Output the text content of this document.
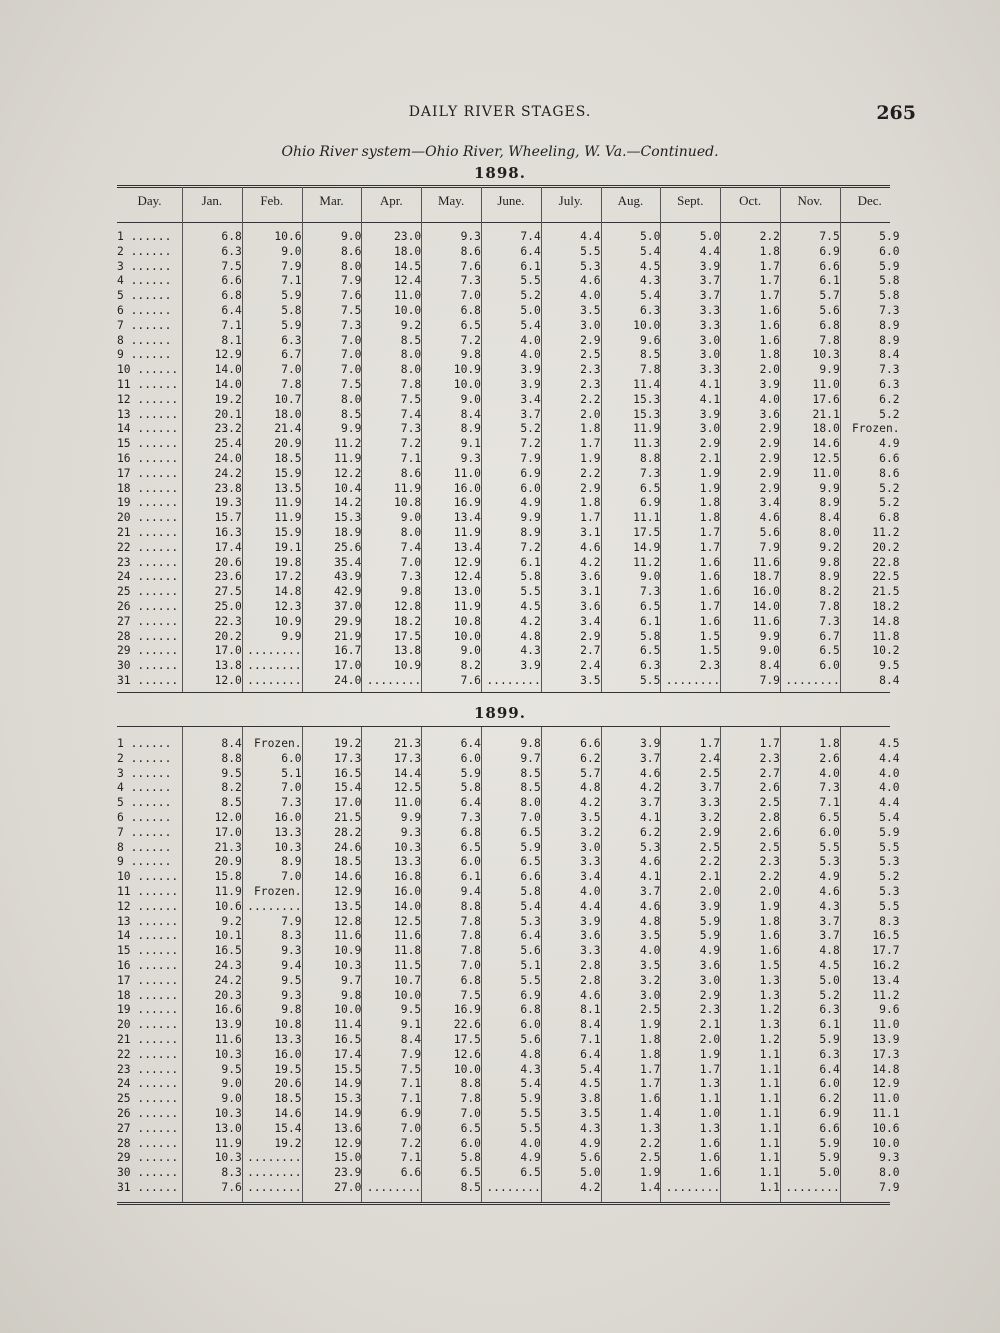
DAILY RIVER STAGES.	265
Ohio River system—Ohio River, Wheeling, W. Va.—Continued.
1898.
1899.
Day.	Jan.	Feb.	Mar.	Apr.	May.	June.	July.	Aug.	Sept.	Oct.	Nov.	Dec.
1 ......	6.8	10.6	9.0	23.0	9.3	7.4	4.4	5.0	5.0	2.2	7.5	5.9
2 ......	6.3	9.0	8.6	18.0	8.6	6.4	5.5	5.4	4.4	1.8	6.9	6.0
3 ......	7.5	7.9	8.0	14.5	7.6	6.1	5.3	4.5	3.9	1.7	6.6	5.9
4 ......	6.6	7.1	7.9	12.4	7.3	5.5	4.6	4.3	3.7	1.7	6.1	5.8
5 ......	6.8	5.9	7.6	11.0	7.0	5.2	4.0	5.4	3.7	1.7	5.7	5.8
6 ......	6.4	5.8	7.5	10.0	6.8	5.0	3.5	6.3	3.3	1.6	5.6	7.3
7 ......	7.1	5.9	7.3	9.2	6.5	5.4	3.0	10.0	3.3	1.6	6.8	8.9
8 ......	8.1	6.3	7.0	8.5	7.2	4.0	2.9	9.6	3.0	1.6	7.8	8.9
9 ......	12.9	6.7	7.0	8.0	9.8	4.0	2.5	8.5	3.0	1.8	10.3	8.4
10 ......	14.0	7.0	7.0	8.0	10.9	3.9	2.3	7.8	3.3	2.0	9.9	7.3
11 ......	14.0	7.8	7.5	7.8	10.0	3.9	2.3	11.4	4.1	3.9	11.0	6.3
12 ......	19.2	10.7	8.0	7.5	9.0	3.4	2.2	15.3	4.1	4.0	17.6	6.2
13 ......	20.1	18.0	8.5	7.4	8.4	3.7	2.0	15.3	3.9	3.6	21.1	5.2
14 ......	23.2	21.4	9.9	7.3	8.9	5.2	1.8	11.9	3.0	2.9	18.0	Frozen.
15 ......	25.4	20.9	11.2	7.2	9.1	7.2	1.7	11.3	2.9	2.9	14.6	4.9
16 ......	24.0	18.5	11.9	7.1	9.3	7.9	1.9	8.8	2.1	2.9	12.5	6.6
17 ......	24.2	15.9	12.2	8.6	11.0	6.9	2.2	7.3	1.9	2.9	11.0	8.6
18 ......	23.8	13.5	10.4	11.9	16.0	6.0	2.9	6.5	1.9	2.9	9.9	5.2
19 ......	19.3	11.9	14.2	10.8	16.9	4.9	1.8	6.9	1.8	3.4	8.9	5.2
20 ......	15.7	11.9	15.3	9.0	13.4	9.9	1.7	11.1	1.8	4.6	8.4	6.8
21 ......	16.3	15.9	18.9	8.0	11.9	8.9	3.1	17.5	1.7	5.6	8.0	11.2
22 ......	17.4	19.1	25.6	7.4	13.4	7.2	4.6	14.9	1.7	7.9	9.2	20.2
23 ......	20.6	19.8	35.4	7.0	12.9	6.1	4.2	11.2	1.6	11.6	9.8	22.8
24 ......	23.6	17.2	43.9	7.3	12.4	5.8	3.6	9.0	1.6	18.7	8.9	22.5
25 ......	27.5	14.8	42.9	9.8	13.0	5.5	3.1	7.3	1.6	16.0	8.2	21.5
26 ......	25.0	12.3	37.0	12.8	11.9	4.5	3.6	6.5	1.7	14.0	7.8	18.2
27 ......	22.3	10.9	29.9	18.2	10.8	4.2	3.4	6.1	1.6	11.6	7.3	14.8
28 ......	20.2	9.9	21.9	17.5	10.0	4.8	2.9	5.8	1.5	9.9	6.7	11.8
29 ......	17.0	........	16.7	13.8	9.0	4.3	2.7	6.5	1.5	9.0	6.5	10.2
30 ......	13.8	........	17.0	10.9	8.2	3.9	2.4	6.3	2.3	8.4	6.0	9.5
31 ......	12.0	........	24.0	........	7.6	........	3.5	5.5	........	7.9	........	8.4
1 ......	8.4	Frozen.	19.2	21.3	6.4	9.8	6.6	3.9	1.7	1.7	1.8	4.5
2 ......	8.8	6.0	17.3	17.3	6.0	9.7	6.2	3.7	2.4	2.3	2.6	4.4
3 ......	9.5	5.1	16.5	14.4	5.9	8.5	5.7	4.6	2.5	2.7	4.0	4.0
4 ......	8.2	7.0	15.4	12.5	5.8	8.5	4.8	4.2	3.7	2.6	7.3	4.0
5 ......	8.5	7.3	17.0	11.0	6.4	8.0	4.2	3.7	3.3	2.5	7.1	4.4
6 ......	12.0	16.0	21.5	9.9	7.3	7.0	3.5	4.1	3.2	2.8	6.5	5.4
7 ......	17.0	13.3	28.2	9.3	6.8	6.5	3.2	6.2	2.9	2.6	6.0	5.9
8 ......	21.3	10.3	24.6	10.3	6.5	5.9	3.0	5.3	2.5	2.5	5.5	5.5
9 ......	20.9	8.9	18.5	13.3	6.0	6.5	3.3	4.6	2.2	2.3	5.3	5.3
10 ......	15.8	7.0	14.6	16.8	6.1	6.6	3.4	4.1	2.1	2.2	4.9	5.2
11 ......	11.9	Frozen.	12.9	16.0	9.4	5.8	4.0	3.7	2.0	2.0	4.6	5.3
12 ......	10.6	........	13.5	14.0	8.8	5.4	4.4	4.6	3.9	1.9	4.3	5.5
13 ......	9.2	7.9	12.8	12.5	7.8	5.3	3.9	4.8	5.9	1.8	3.7	8.3
14 ......	10.1	8.3	11.6	11.6	7.8	6.4	3.6	3.5	5.9	1.6	3.7	16.5
15 ......	16.5	9.3	10.9	11.8	7.8	5.6	3.3	4.0	4.9	1.6	4.8	17.7
16 ......	24.3	9.4	10.3	11.5	7.0	5.1	2.8	3.5	3.6	1.5	4.5	16.2
17 ......	24.2	9.5	9.7	10.7	6.8	5.5	2.8	3.2	3.0	1.3	5.0	13.4
18 ......	20.3	9.3	9.8	10.0	7.5	6.9	4.6	3.0	2.9	1.3	5.2	11.2
19 ......	16.6	9.8	10.0	9.5	16.9	6.8	8.1	2.5	2.3	1.2	6.3	9.6
20 ......	13.9	10.8	11.4	9.1	22.6	6.0	8.4	1.9	2.1	1.3	6.1	11.0
21 ......	11.6	13.3	16.5	8.4	17.5	5.6	7.1	1.8	2.0	1.2	5.9	13.9
22 ......	10.3	16.0	17.4	7.9	12.6	4.8	6.4	1.8	1.9	1.1	6.3	17.3
23 ......	9.5	19.5	15.5	7.5	10.0	4.3	5.4	1.7	1.7	1.1	6.4	14.8
24 ......	9.0	20.6	14.9	7.1	8.8	5.4	4.5	1.7	1.3	1.1	6.0	12.9
25 ......	9.0	18.5	15.3	7.1	7.8	5.9	3.8	1.6	1.1	1.1	6.2	11.0
26 ......	10.3	14.6	14.9	6.9	7.0	5.5	3.5	1.4	1.0	1.1	6.9	11.1
27 ......	13.0	15.4	13.6	7.0	6.5	5.5	4.3	1.3	1.3	1.1	6.6	10.6
28 ......	11.9	19.2	12.9	7.2	6.0	4.0	4.9	2.2	1.6	1.1	5.9	10.0
29 ......	10.3	........	15.0	7.1	5.8	4.9	5.6	2.5	1.6	1.1	5.9	9.3
30 ......	8.3	........	23.9	6.6	6.5	6.5	5.0	1.9	1.6	1.1	5.0	8.0
31 ......	7.6	........	27.0	........	8.5	........	4.2	1.4	........	1.1	........	7.9
